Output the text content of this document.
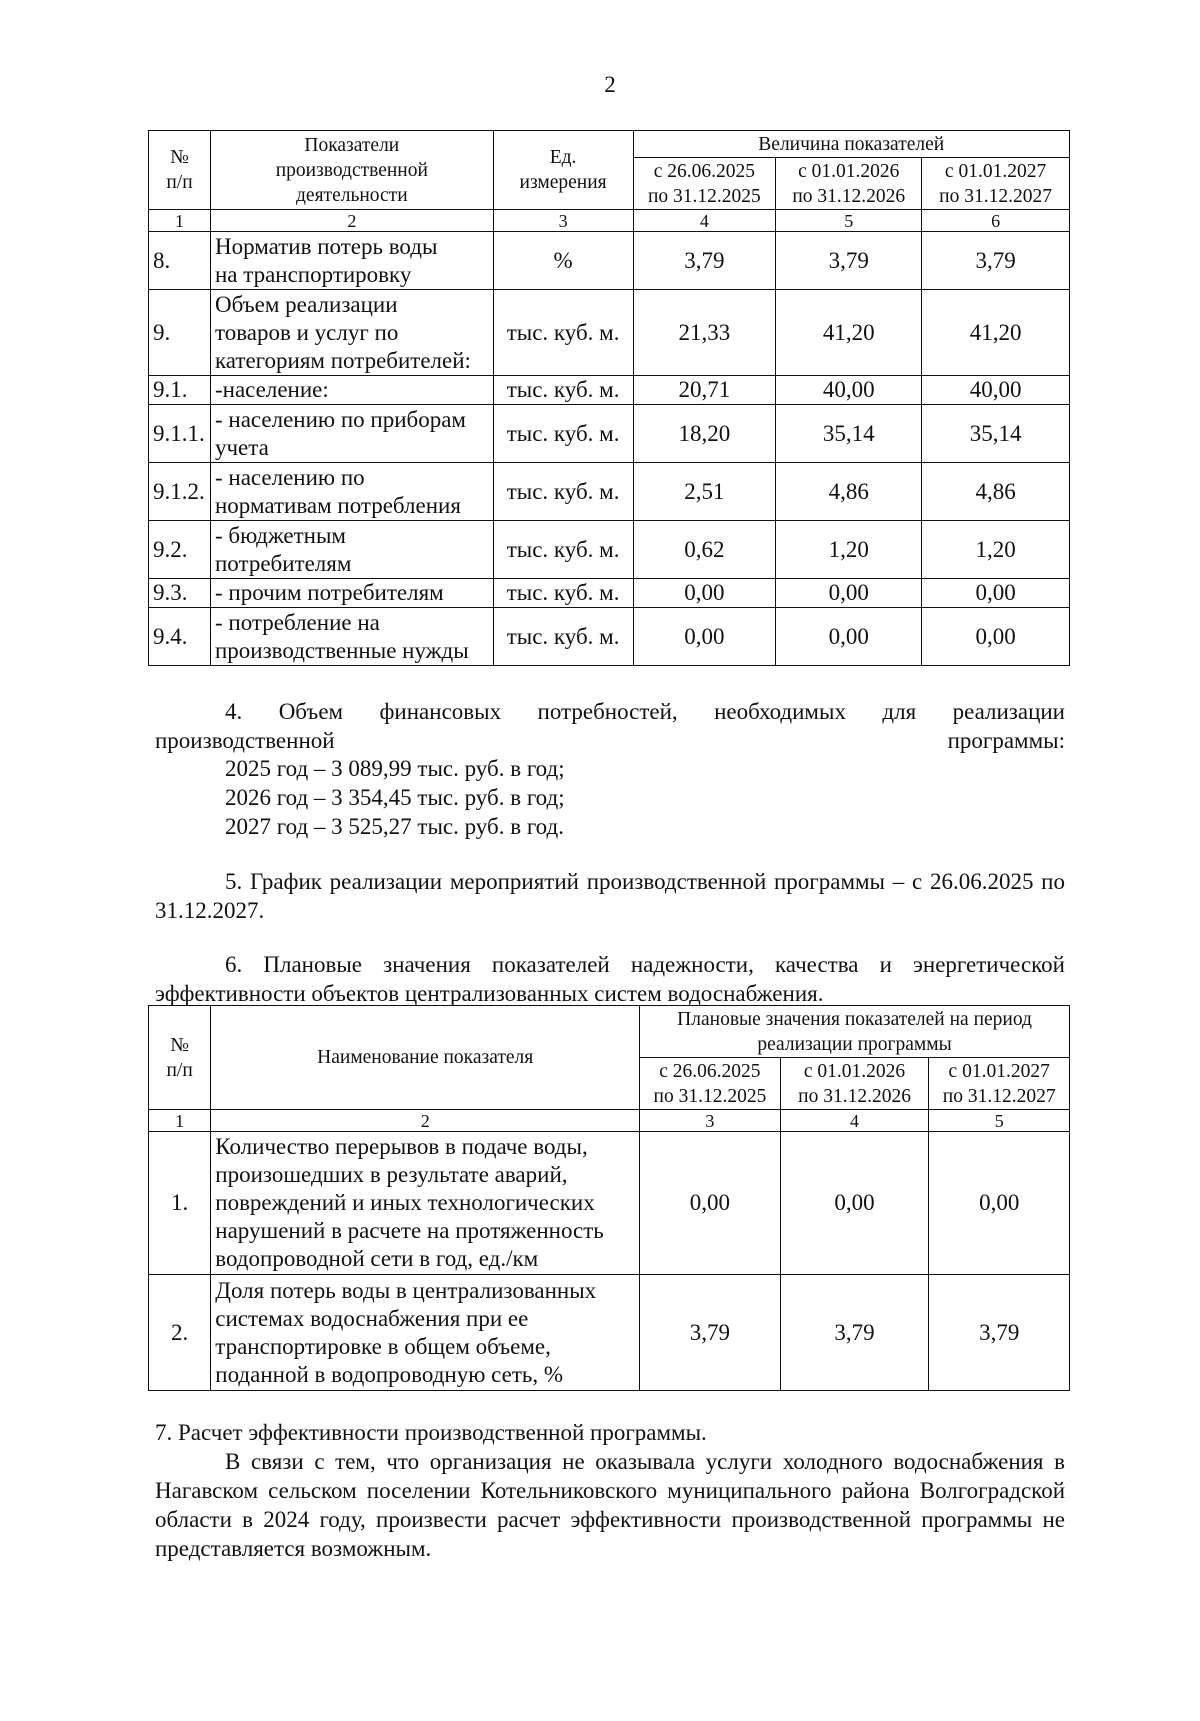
2
№
п/п	Показатели
производственной
деятельности	Ед.
измерения	Величина показателей		
			с 26.06.2025
по 31.12.2025	с 01.01.2026
по 31.12.2026	с 01.01.2027
по 31.12.2027
1	2	3	4	5	6
8.	Норматив потерь воды
на транспортировку	%	3,79	3,79	3,79
9.	Объем реализации
товаров и услуг по
категориям потребителей:	тыс. куб. м.	21,33	41,20	41,20
9.1.	-население:	тыс. куб. м.	20,71	40,00	40,00
9.1.1.	- населению по приборам
учета	тыс. куб. м.	18,20	35,14	35,14
9.1.2.	- населению по
нормативам потребления	тыс. куб. м.	2,51	4,86	4,86
9.2.	- бюджетным
потребителям	тыс. куб. м.	0,62	1,20	1,20
9.3.	- прочим потребителям	тыс. куб. м.	0,00	0,00	0,00
9.4.	- потребление на
производственные нужды	тыс. куб. м.	0,00	0,00	0,00

4. Объем финансовых потребностей, необходимых для реализации производственной программы:

2025 год – 3 089,99 тыс. руб. в год;

2026 год – 3 354,45 тыс. руб. в год;

2027 год – 3 525,27 тыс. руб. в год.

5. График реализации мероприятий производственной программы – с 26.06.2025 по 31.12.2027.

6. Плановые значения показателей надежности, качества и энергетической эффективности объектов централизованных систем водоснабжения.

№
п/п	Наименование показателя	Плановые значения показателей на период
реализации программы		
		с 26.06.2025
по 31.12.2025	с 01.01.2026
по 31.12.2026	с 01.01.2027
по 31.12.2027
1	2	3	4	5
1.	Количество перерывов в подаче воды,
произошедших в результате аварий,
повреждений и иных технологических
нарушений в расчете на протяженность
водопроводной сети в год, ед./км	0,00	0,00	0,00
2.	Доля потерь воды в централизованных
системах водоснабжения при ее
транспортировке в общем объеме,
поданной в водопроводную сеть, %	3,79	3,79	3,79

7. Расчет эффективности производственной программы.

В связи с тем, что организация не оказывала услуги холодного водоснабжения в Нагавском сельском поселении Котельниковского муниципального района Волгоградской области в 2024 году, произвести расчет эффективности производственной программы не представляется возможным.
